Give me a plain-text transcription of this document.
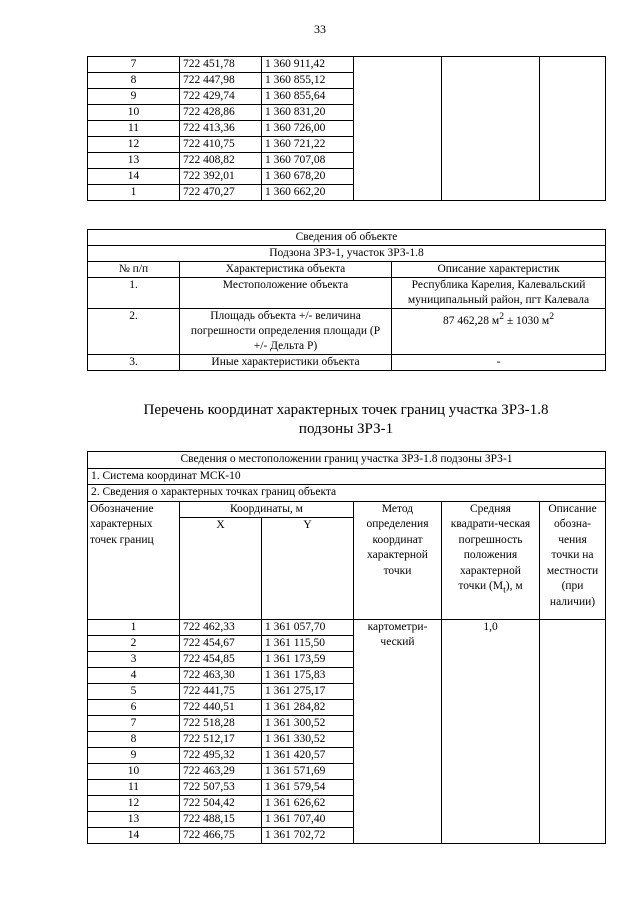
33
7	722 451,78	1 360 911,42			
8	722 447,98	1 360 855,12			
9	722 429,74	1 360 855,64			
10	722 428,86	1 360 831,20			
11	722 413,36	1 360 726,00			
12	722 410,75	1 360 721,22			
13	722 408,82	1 360 707,08			
14	722 392,01	1 360 678,20			
1	722 470,27	1 360 662,20			
Сведения об объекте		
Подзона ЗРЗ-1, участок ЗРЗ-1.8		
№ п/п	Характеристика объекта	Описание характеристик
1.	Местоположение объекта	Республика Карелия, Калевальский муниципальный район, пгт Калевала
2.	Площадь объекта +/- величина погрешности определения площади (Р +/- Дельта Р)	87 462,28 $м^2 \pm 1030$ $м^2$
3.	Иные характеристики объекта	-
Перечень координат характерных точек границ участка ЗРЗ-1.8
подзоны ЗРЗ-1
Сведения о местоположении границ участка ЗРЗ-1.8 подзоны ЗРЗ-1					
1. Система координат МСК-10					
2. Сведения о характерных точках границ объекта					
Обозначение характерных точек границ	Координаты, м		Метод определения координат характерной точки	Средняя квадрати-ческая погрешность положения характерной точки $(M_t)$, м	Описание обозна-чения точки на местности (при наличии)
	X	Y			
1	722 462,33	1 361 057,70	картометри-ческий	1,0	
2	722 454,67	1 361 115,50			
3	722 454,85	1 361 173,59			
4	722 463,30	1 361 175,83			
5	722 441,75	1 361 275,17			
6	722 440,51	1 361 284,82			
7	722 518,28	1 361 300,52			
8	722 512,17	1 361 330,52			
9	722 495,32	1 361 420,57			
10	722 463,29	1 361 571,69			
11	722 507,53	1 361 579,54			
12	722 504,42	1 361 626,62			
13	722 488,15	1 361 707,40			
14	722 466,75	1 361 702,72			
